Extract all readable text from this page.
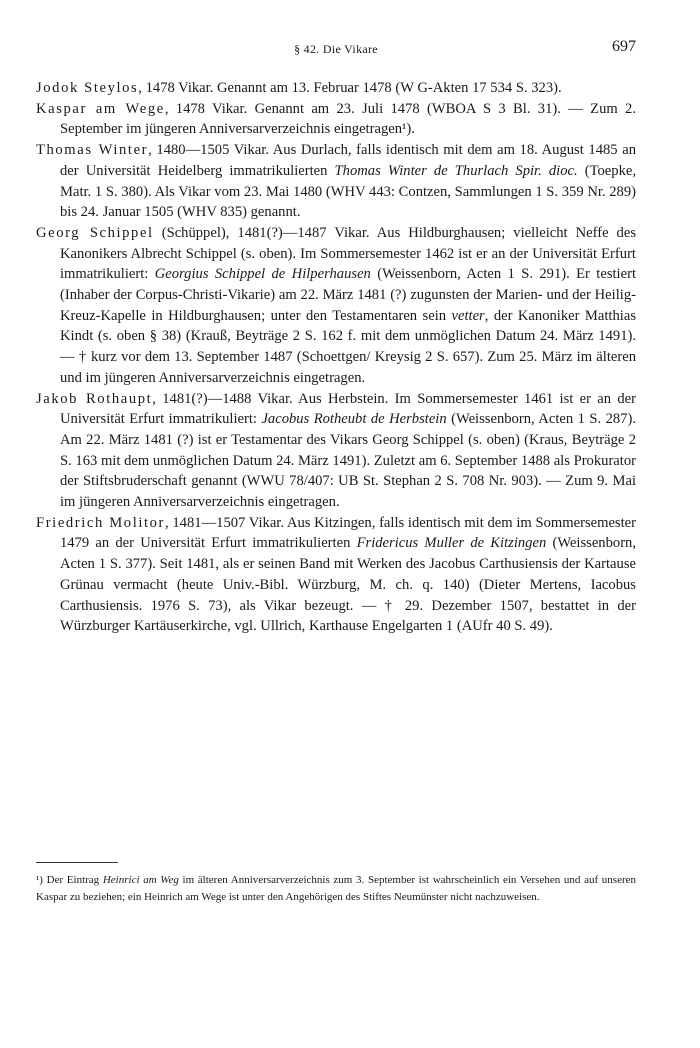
§ 42. Die Vikare	697

Jodok Steylos, 1478 Vikar. Genannt am 13. Februar 1478 (W G-Akten 17 534 S. 323).

Kaspar am Wege, 1478 Vikar. Genannt am 23. Juli 1478 (WBOA S 3 Bl. 31). — Zum 2. September im jüngeren Anniversarverzeichnis eingetragen¹).

Thomas Winter, 1480—1505 Vikar. Aus Durlach, falls identisch mit dem am 18. August 1485 an der Universität Heidelberg immatrikulierten Thomas Winter de Thurlach Spir. dioc. (Toepke, Matr. 1 S. 380). Als Vikar vom 23. Mai 1480 (WHV 443: Contzen, Sammlungen 1 S. 359 Nr. 289) bis 24. Januar 1505 (WHV 835) genannt.

Georg Schippel (Schüppel), 1481(?)—1487 Vikar. Aus Hildburghausen; vielleicht Neffe des Kanonikers Albrecht Schippel (s. oben). Im Sommersemester 1462 ist er an der Universität Erfurt immatrikuliert: Georgius Schippel de Hilperhausen (Weissenborn, Acten 1 S. 291). Er testiert (Inhaber der Corpus-Christi-Vikarie) am 22. März 1481 (?) zugunsten der Marien- und der Heilig-Kreuz-Kapelle in Hildburghausen; unter den Testamentaren sein vetter, der Kanoniker Matthias Kindt (s. oben § 38) (Krauß, Beyträge 2 S. 162 f. mit dem unmöglichen Datum 24. März 1491). — † kurz vor dem 13. September 1487 (Schoettgen/ Kreysig 2 S. 657). Zum 25. März im älteren und im jüngeren Anniversarverzeichnis eingetragen.

Jakob Rothaupt, 1481(?)—1488 Vikar. Aus Herbstein. Im Sommersemester 1461 ist er an der Universität Erfurt immatrikuliert: Jacobus Rotheubt de Herbstein (Weissenborn, Acten 1 S. 287). Am 22. März 1481 (?) ist er Testamentar des Vikars Georg Schippel (s. oben) (Kraus, Beyträge 2 S. 163 mit dem unmöglichen Datum 24. März 1491). Zuletzt am 6. September 1488 als Prokurator der Stiftsbruderschaft genannt (WWU 78/407: UB St. Stephan 2 S. 708 Nr. 903). — Zum 9. Mai im jüngeren Anniversarverzeichnis eingetragen.

Friedrich Molitor, 1481—1507 Vikar. Aus Kitzingen, falls identisch mit dem im Sommersemester 1479 an der Universität Erfurt immatrikulierten Fridericus Muller de Kitzingen (Weissenborn, Acten 1 S. 377). Seit 1481, als er seinen Band mit Werken des Jacobus Carthusiensis der Kartause Grünau vermacht (heute Univ.-Bibl. Würzburg, M. ch. q. 140) (Dieter Mertens, Iacobus Carthusiensis. 1976 S. 73), als Vikar bezeugt. — † 29. Dezember 1507, bestattet in der Würzburger Kartäuserkirche, vgl. Ullrich, Karthause Engelgarten 1 (AUfr 40 S. 49).

¹) Der Eintrag Heinrici am Weg im älteren Anniversarverzeichnis zum 3. September ist wahrscheinlich ein Versehen und auf unseren Kaspar zu beziehen; ein Heinrich am Wege ist unter den Angehörigen des Stiftes Neumünster nicht nachzuweisen.
